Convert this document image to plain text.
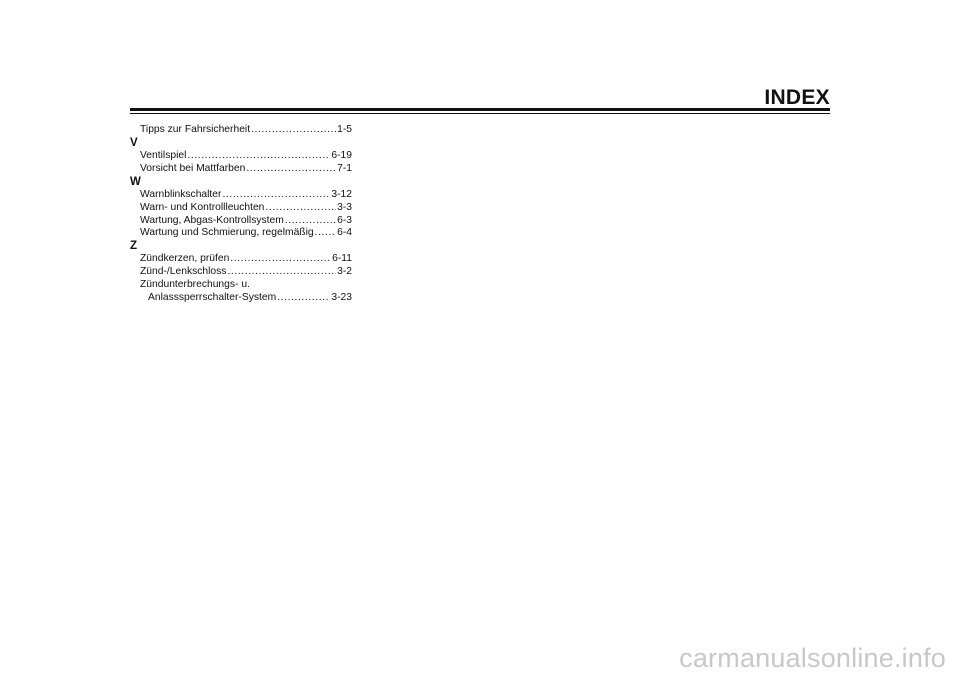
INDEX
Tipps zur Fahrsicherheit .....	1-5
V
Ventilspiel .....	6-19
Vorsicht bei Mattfarben .....	7-1
W
Warnblinkschalter .....	3-12
Warn- und Kontrollleuchten .....	3-3
Wartung, Abgas-Kontrollsystem .....	6-3
Wartung und Schmierung, regelmäßig ..... 6-4
Z
Zündkerzen, prüfen .....	6-11
Zünd-/Lenkschloss .....	3-2
Zündunterbrechungs- u.
Anlasssperrschalter-System .....	3-23
carmanualsonline.info
